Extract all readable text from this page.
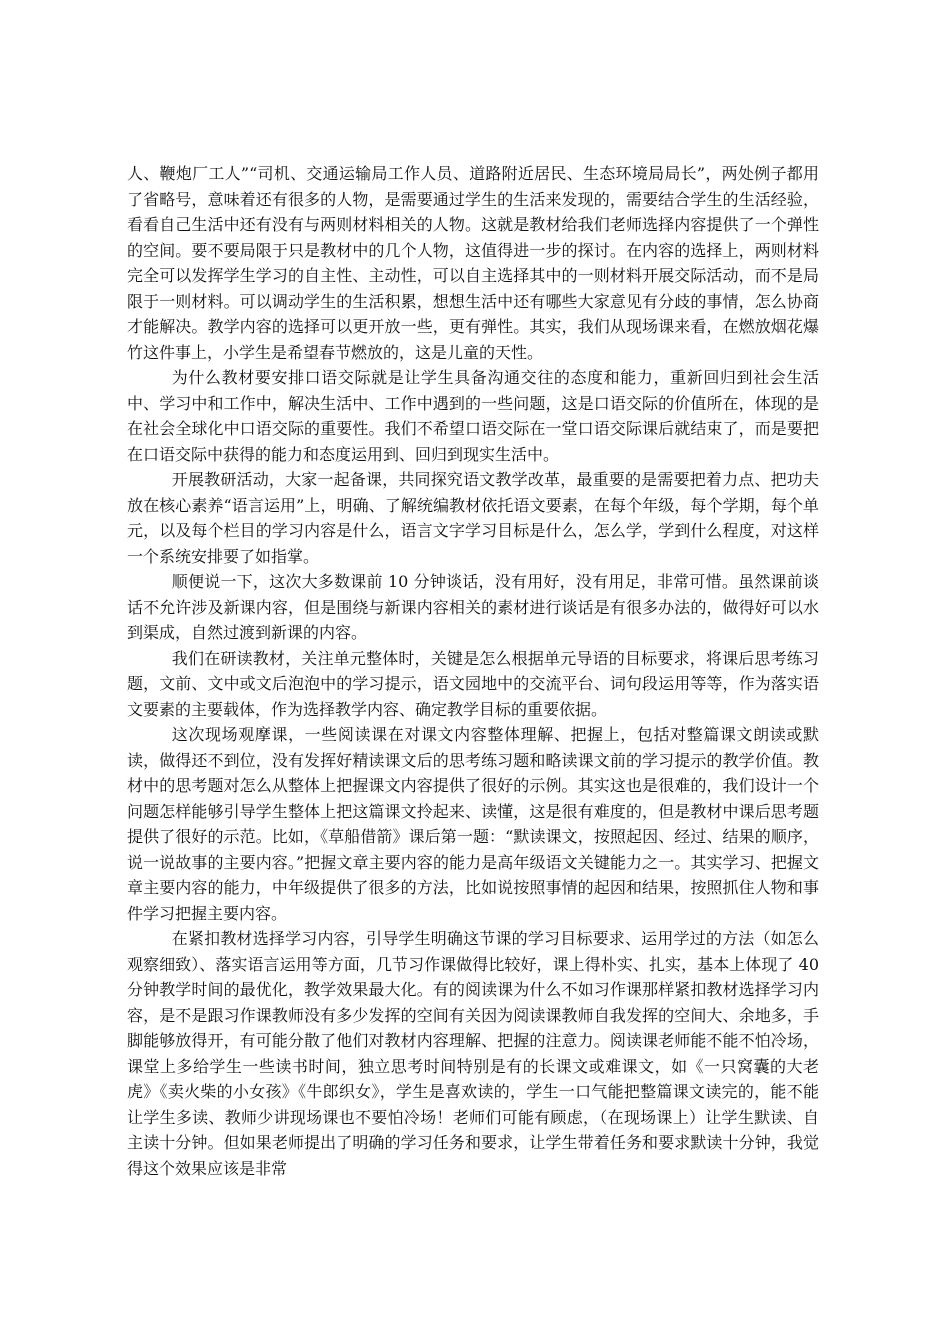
人、鞭炮厂工人”“司机、交通运输局工作人员、道路附近居民、生态环境局局长”，两处例子都用了省略号，意味着还有很多的人物，是需要通过学生的生活来发现的，需要结合学生的生活经验，看看自己生活中还有没有与两则材料相关的人物。这就是教材给我们老师选择内容提供了一个弹性的空间。要不要局限于只是教材中的几个人物，这值得进一步的探讨。在内容的选择上，两则材料完全可以发挥学生学习的自主性、主动性，可以自主选择其中的一则材料开展交际活动，而不是局限于一则材料。可以调动学生的生活积累，想想生活中还有哪些大家意见有分歧的事情，怎么协商才能解决。教学内容的选择可以更开放一些，更有弹性。其实，我们从现场课来看，在燃放烟花爆竹这件事上，小学生是希望春节燃放的，这是儿童的天性。

为什么教材要安排口语交际就是让学生具备沟通交往的态度和能力，重新回归到社会生活中、学习中和工作中，解决生活中、工作中遇到的一些问题，这是口语交际的价值所在，体现的是在社会全球化中口语交际的重要性。我们不希望口语交际在一堂口语交际课后就结束了，而是要把在口语交际中获得的能力和态度运用到、回归到现实生活中。

开展教研活动，大家一起备课，共同探究语文教学改革，最重要的是需要把着力点、把功夫放在核心素养“语言运用”上，明确、了解统编教材依托语文要素，在每个年级，每个学期，每个单元，以及每个栏目的学习内容是什么，语言文字学习目标是什么，怎么学，学到什么程度，对这样一个系统安排要了如指掌。

顺便说一下，这次大多数课前 10 分钟谈话，没有用好，没有用足，非常可惜。虽然课前谈话不允许涉及新课内容，但是围绕与新课内容相关的素材进行谈话是有很多办法的，做得好可以水到渠成，自然过渡到新课的内容。

我们在研读教材，关注单元整体时，关键是怎么根据单元导语的目标要求，将课后思考练习题，文前、文中或文后泡泡中的学习提示，语文园地中的交流平台、词句段运用等等，作为落实语文要素的主要载体，作为选择教学内容、确定教学目标的重要依据。

这次现场观摩课，一些阅读课在对课文内容整体理解、把握上，包括对整篇课文朗读或默读，做得还不到位，没有发挥好精读课文后的思考练习题和略读课文前的学习提示的教学价值。教材中的思考题对怎么从整体上把握课文内容提供了很好的示例。其实这也是很难的，我们设计一个问题怎样能够引导学生整体上把这篇课文拎起来、读懂，这是很有难度的，但是教材中课后思考题提供了很好的示范。比如，《草船借箭》课后第一题：“默读课文，按照起因、经过、结果的顺序，说一说故事的主要内容。”把握文章主要内容的能力是高年级语文关键能力之一。其实学习、把握文章主要内容的能力，中年级提供了很多的方法，比如说按照事情的起因和结果，按照抓住人物和事件学习把握主要内容。

在紧扣教材选择学习内容，引导学生明确这节课的学习目标要求、运用学过的方法（如怎么观察细致）、落实语言运用等方面，几节习作课做得比较好，课上得朴实、扎实，基本上体现了 40 分钟教学时间的最优化，教学效果最大化。有的阅读课为什么不如习作课那样紧扣教材选择学习内容，是不是跟习作课教师没有多少发挥的空间有关因为阅读课教师自我发挥的空间大、余地多，手脚能够放得开，有可能分散了他们对教材内容理解、把握的注意力。阅读课老师能不能不怕冷场，课堂上多给学生一些读书时间，独立思考时间特别是有的长课文或难课文，如《一只窝囊的大老虎》《卖火柴的小女孩》《牛郎织女》，学生是喜欢读的，学生一口气能把整篇课文读完的，能不能让学生多读、教师少讲现场课也不要怕冷场！老师们可能有顾虑，（在现场课上）让学生默读、自主读十分钟。但如果老师提出了明确的学习任务和要求，让学生带着任务和要求默读十分钟，我觉得这个效果应该是非常
